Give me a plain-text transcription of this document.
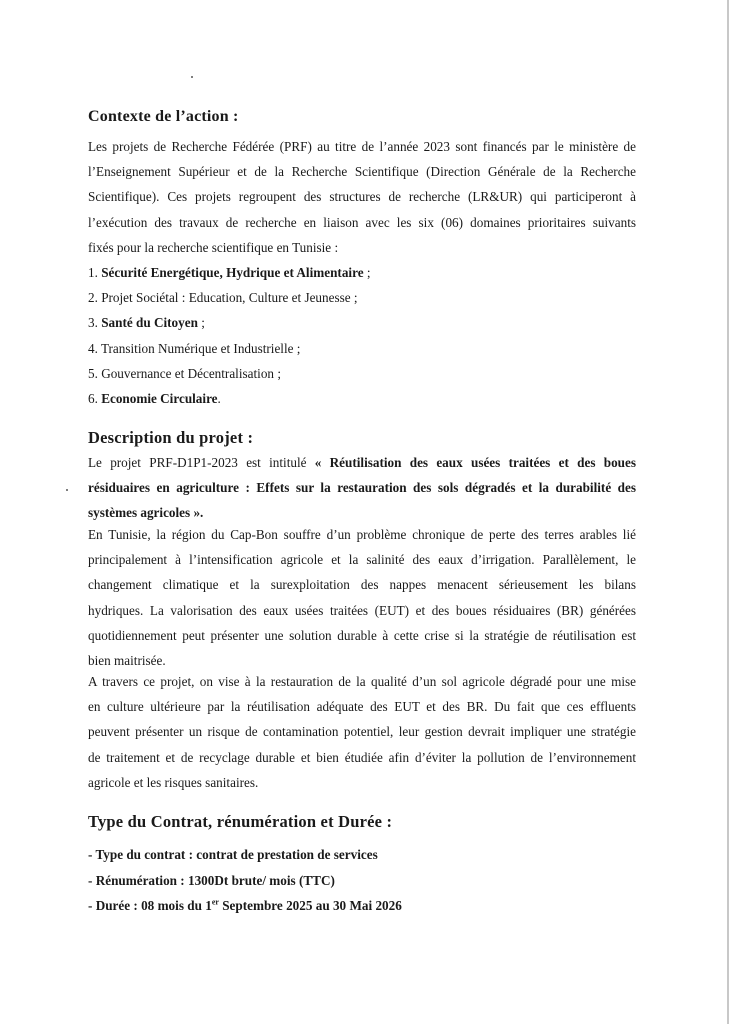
Contexte de l’action :
Les projets de Recherche Fédérée (PRF) au titre de l’année 2023 sont financés par le ministère de
l’Enseignement Supérieur et de la Recherche Scientifique (Direction Générale de la Recherche
Scientifique). Ces projets regroupent des structures de recherche (LR&UR) qui participeront à
l’exécution des travaux de recherche en liaison avec les six (06) domaines prioritaires suivants
fixés pour la recherche scientifique en Tunisie :
1. Sécurité Energétique, Hydrique et Alimentaire ;
2. Projet Sociétal : Education, Culture et Jeunesse ;
3. Santé du Citoyen ;
4. Transition Numérique et Industrielle ;
5. Gouvernance et Décentralisation ;
6. Economie Circulaire.
Description du projet :
Le projet PRF-D1P1-2023 est intitulé « Réutilisation des eaux usées traitées et des boues
résiduaires en agriculture : Effets sur la restauration des sols dégradés et la durabilité des
systèmes agricoles ».
En Tunisie, la région du Cap-Bon souffre d’un problème chronique de perte des terres arables lié
principalement à l’intensification agricole et la salinité des eaux d’irrigation. Parallèlement, le
changement climatique et la surexploitation des nappes menacent sérieusement les bilans
hydriques. La valorisation des eaux usées traitées (EUT) et des boues résiduaires (BR) générées
quotidiennement peut présenter une solution durable à cette crise si la stratégie de réutilisation est
bien maitrisée.
A travers ce projet, on vise à la restauration de la qualité d’un sol agricole dégradé pour une mise
en culture ultérieure par la réutilisation adéquate des EUT et des BR. Du fait que ces effluents
peuvent présenter un risque de contamination potentiel, leur gestion devrait impliquer une stratégie
de traitement et de recyclage durable et bien étudiée afin d’éviter la pollution de l’environnement
agricole et les risques sanitaires.
Type du Contrat, rénumération et Durée :
- Type du contrat : contrat de prestation de services
- Rénumération : 1300Dt brute/ mois (TTC)
- Durée : 08 mois du 1er Septembre 2025 au 30 Mai 2026
